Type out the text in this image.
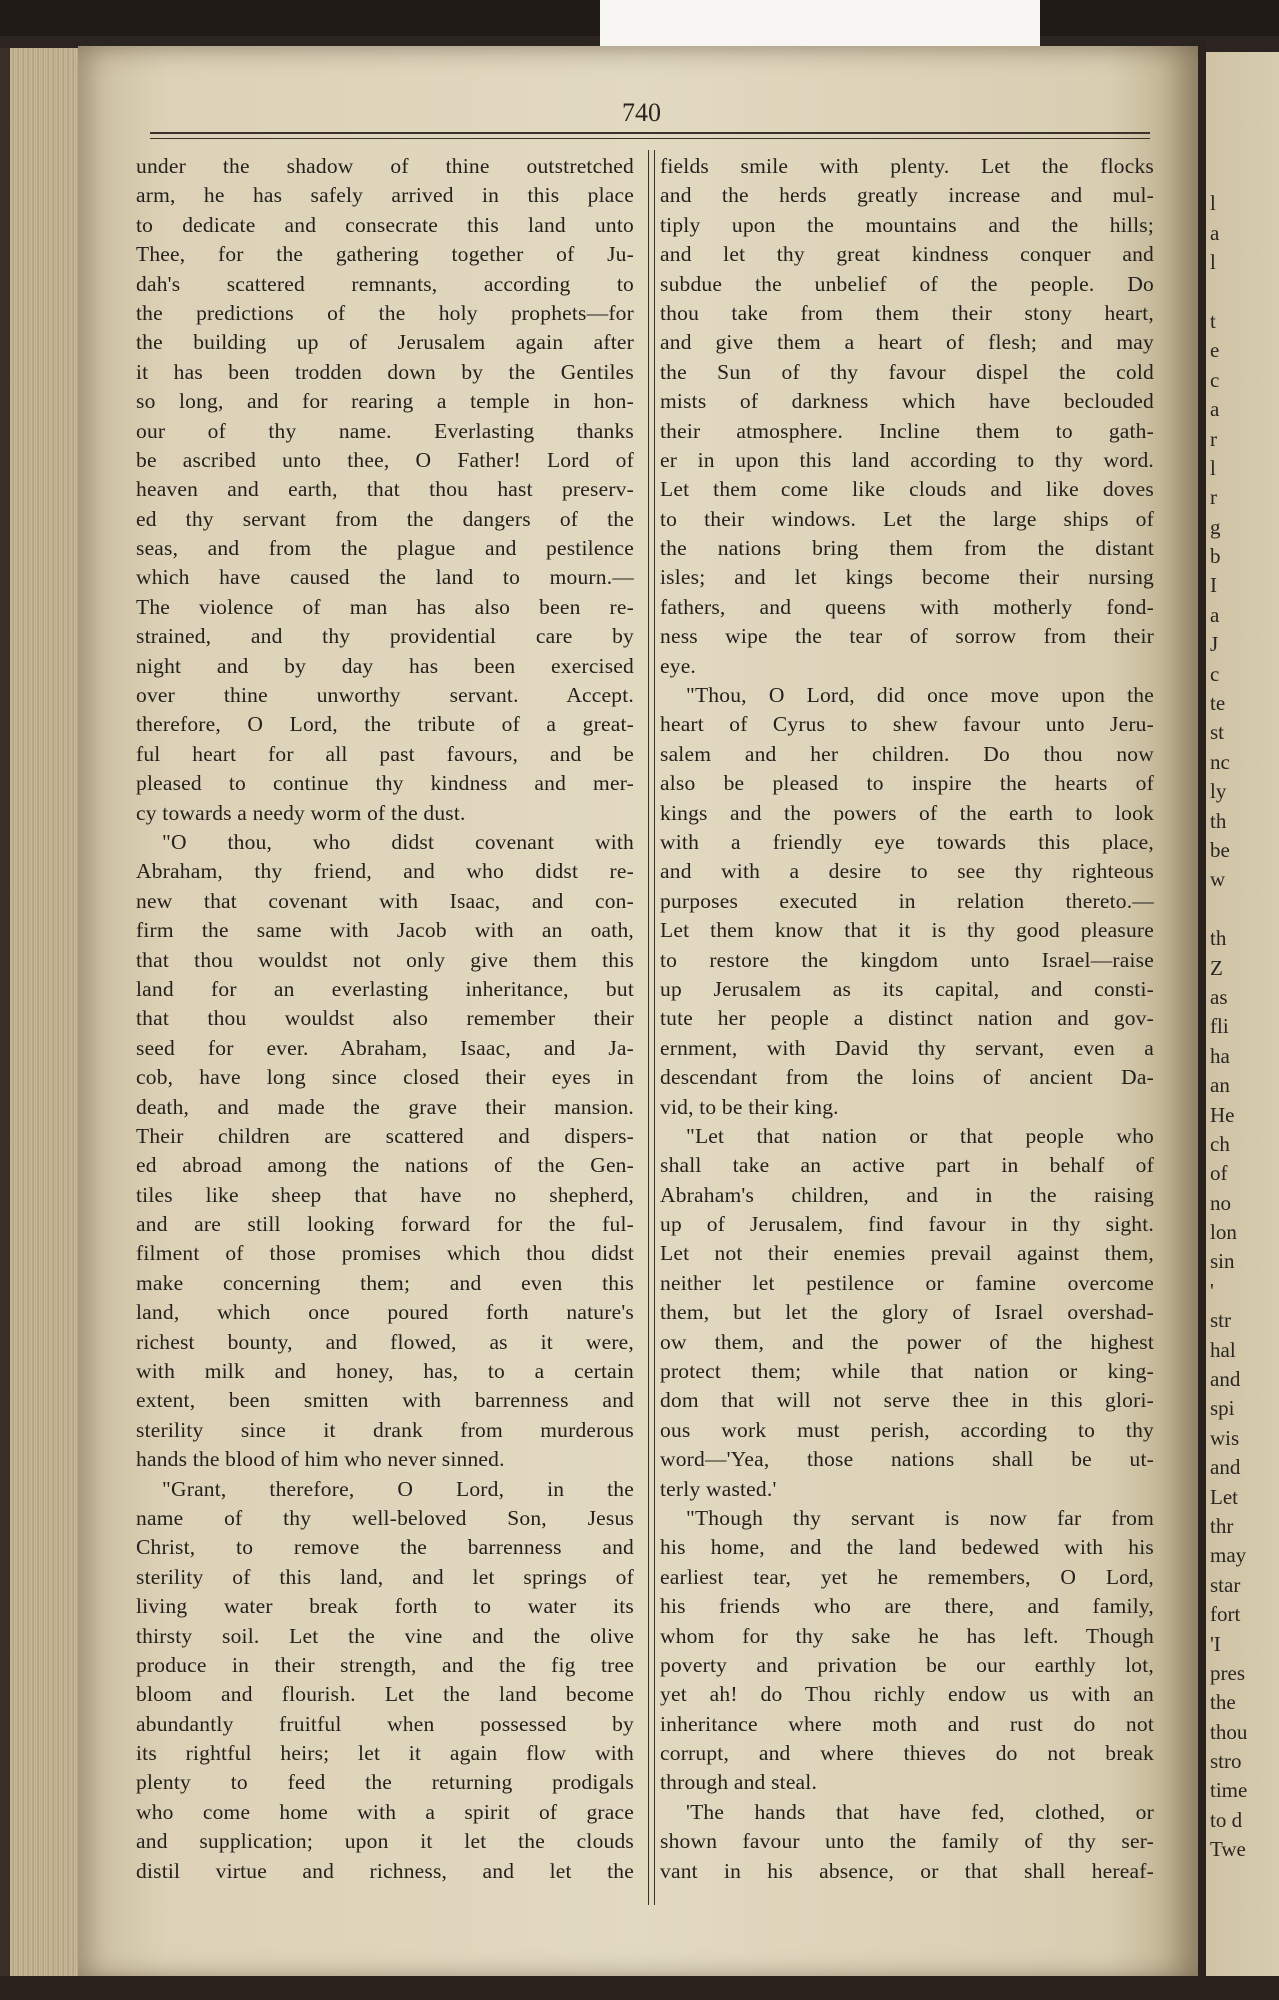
l
a
l
t
e
c
a
r
l
r
g
b
I
a
J
c
te
st
nc
ly
th
be
w
th
Z
as
fli
ha
an
He
ch
of
no
lon
sin
'
str
hal
and
spi
wis
and
Let
thr
may
star
fort
'I
pres
the
thou
stro
time
to d
Twe
740
under the shadow of thine outstretched
arm, he has safely arrived in this place
to dedicate and consecrate this land unto
Thee, for the gathering together of Ju-
dah's scattered remnants, according to
the predictions of the holy prophets—for
the building up of Jerusalem again after
it has been trodden down by the Gentiles
so long, and for rearing a temple in hon-
our of thy name. Everlasting thanks
be ascribed unto thee, O Father! Lord of
heaven and earth, that thou hast preserv-
ed thy servant from the dangers of the
seas, and from the plague and pestilence
which have caused the land to mourn.—
The violence of man has also been re-
strained, and thy providential care by
night and by day has been exercised
over thine unworthy servant. Accept.
therefore, O Lord, the tribute of a great-
ful heart for all past favours, and be
pleased to continue thy kindness and mer-
cy towards a needy worm of the dust.
"O thou, who didst covenant with
Abraham, thy friend, and who didst re-
new that covenant with Isaac, and con-
firm the same with Jacob with an oath,
that thou wouldst not only give them this
land for an everlasting inheritance, but
that thou wouldst also remember their
seed for ever. Abraham, Isaac, and Ja-
cob, have long since closed their eyes in
death, and made the grave their mansion.
Their children are scattered and dispers-
ed abroad among the nations of the Gen-
tiles like sheep that have no shepherd,
and are still looking forward for the ful-
filment of those promises which thou didst
make concerning them; and even this
land, which once poured forth nature's
richest bounty, and flowed, as it were,
with milk and honey, has, to a certain
extent, been smitten with barrenness and
sterility since it drank from murderous
hands the blood of him who never sinned.
"Grant, therefore, O Lord, in the
name of thy well-beloved Son, Jesus
Christ, to remove the barrenness and
sterility of this land, and let springs of
living water break forth to water its
thirsty soil. Let the vine and the olive
produce in their strength, and the fig tree
bloom and flourish. Let the land become
abundantly fruitful when possessed by
its rightful heirs; let it again flow with
plenty to feed the returning prodigals
who come home with a spirit of grace
and supplication; upon it let the clouds
distil virtue and richness, and let the
fields smile with plenty. Let the flocks
and the herds greatly increase and mul-
tiply upon the mountains and the hills;
and let thy great kindness conquer and
subdue the unbelief of the people. Do
thou take from them their stony heart,
and give them a heart of flesh; and may
the Sun of thy favour dispel the cold
mists of darkness which have beclouded
their atmosphere. Incline them to gath-
er in upon this land according to thy word.
Let them come like clouds and like doves
to their windows. Let the large ships of
the nations bring them from the distant
isles; and let kings become their nursing
fathers, and queens with motherly fond-
ness wipe the tear of sorrow from their
eye.
"Thou, O Lord, did once move upon the
heart of Cyrus to shew favour unto Jeru-
salem and her children. Do thou now
also be pleased to inspire the hearts of
kings and the powers of the earth to look
with a friendly eye towards this place,
and with a desire to see thy righteous
purposes executed in relation thereto.—
Let them know that it is thy good pleasure
to restore the kingdom unto Israel—raise
up Jerusalem as its capital, and consti-
tute her people a distinct nation and gov-
ernment, with David thy servant, even a
descendant from the loins of ancient Da-
vid, to be their king.
"Let that nation or that people who
shall take an active part in behalf of
Abraham's children, and in the raising
up of Jerusalem, find favour in thy sight.
Let not their enemies prevail against them,
neither let pestilence or famine overcome
them, but let the glory of Israel overshad-
ow them, and the power of the highest
protect them; while that nation or king-
dom that will not serve thee in this glori-
ous work must perish, according to thy
word—'Yea, those nations shall be ut-
terly wasted.'
"Though thy servant is now far from
his home, and the land bedewed with his
earliest tear, yet he remembers, O Lord,
his friends who are there, and family,
whom for thy sake he has left. Though
poverty and privation be our earthly lot,
yet ah! do Thou richly endow us with an
inheritance where moth and rust do not
corrupt, and where thieves do not break
through and steal.
'The hands that have fed, clothed, or
shown favour unto the family of thy ser-
vant in his absence, or that shall hereaf-
